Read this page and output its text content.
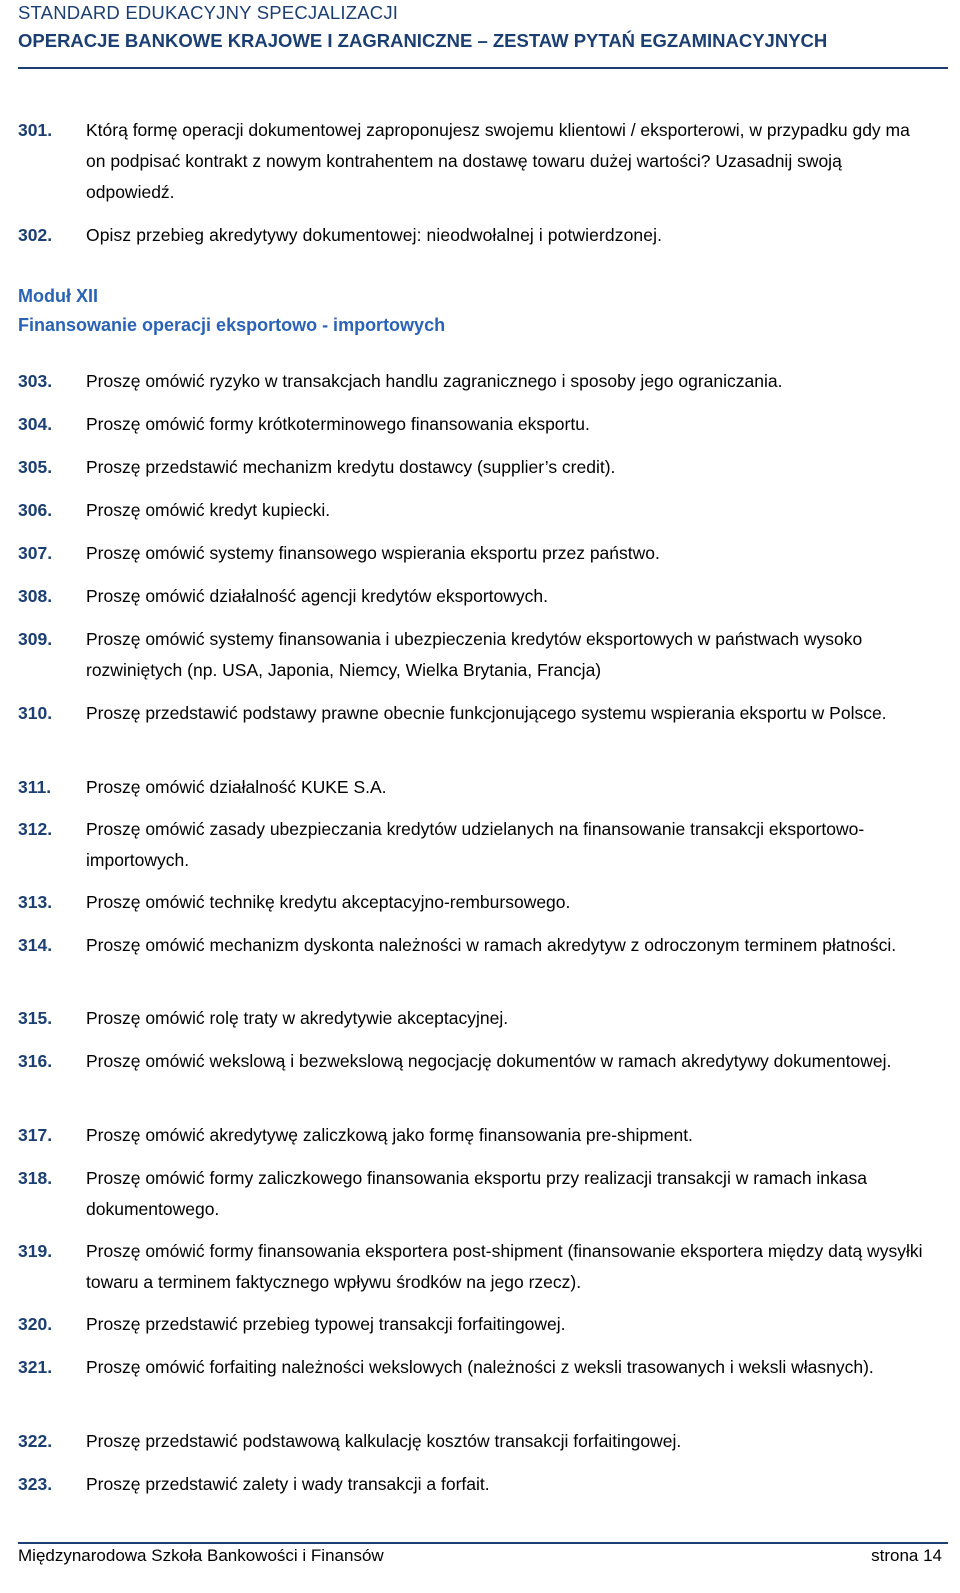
STANDARD EDUKACYJNY SPECJALIZACJI
OPERACJE BANKOWE KRAJOWE I ZAGRANICZNE – ZESTAW PYTAŃ EGZAMINACYJNYCH
301. Którą formę operacji dokumentowej zaproponujesz swojemu klientowi / eksporterowi, w przypadku gdy ma on podpisać kontrakt z nowym kontrahentem na dostawę towaru dużej wartości? Uzasadnij swoją odpowiedź.
302. Opisz przebieg akredytywy dokumentowej: nieodwołalnej i potwierdzonej.
Moduł XII
Finansowanie operacji eksportowo - importowych
303. Proszę omówić ryzyko w transakcjach handlu zagranicznego i sposoby jego ograniczania.
304. Proszę omówić formy krótkoterminowego finansowania eksportu.
305. Proszę przedstawić mechanizm kredytu dostawcy (supplier’s credit).
306. Proszę omówić kredyt kupiecki.
307. Proszę omówić systemy finansowego wspierania eksportu przez państwo.
308. Proszę omówić działalność agencji kredytów eksportowych.
309. Proszę omówić systemy finansowania i ubezpieczenia kredytów eksportowych w państwach wysoko rozwiniętych (np. USA, Japonia, Niemcy, Wielka Brytania, Francja)
310. Proszę przedstawić podstawy prawne obecnie funkcjonującego systemu wspierania eksportu w Polsce.
311. Proszę omówić działalność KUKE S.A.
312. Proszę omówić zasady ubezpieczania kredytów udzielanych na finansowanie transakcji eksportowo-importowych.
313. Proszę omówić technikę kredytu akceptacyjno-rembursowego.
314. Proszę omówić mechanizm dyskonta należności w ramach akredytyw z odroczonym terminem płatności.
315. Proszę omówić rolę traty w akredytywie akceptacyjnej.
316. Proszę omówić wekslową i bezwekslową negocjację dokumentów w ramach akredytywy dokumentowej.
317. Proszę omówić akredytywę zaliczkową jako formę finansowania pre-shipment.
318. Proszę omówić formy zaliczkowego finansowania eksportu przy realizacji transakcji w ramach inkasa dokumentowego.
319. Proszę omówić formy finansowania eksportera post-shipment (finansowanie eksportera między datą wysyłki towaru a terminem faktycznego wpływu środków na jego rzecz).
320. Proszę przedstawić przebieg typowej transakcji forfaitingowej.
321. Proszę omówić forfaiting należności wekslowych (należności z weksli trasowanych i weksli własnych).
322. Proszę przedstawić podstawową kalkulację kosztów transakcji forfaitingowej.
323. Proszę przedstawić zalety i wady transakcji a forfait.
Międzynarodowa Szkoła Bankowości i Finansów	strona 14
